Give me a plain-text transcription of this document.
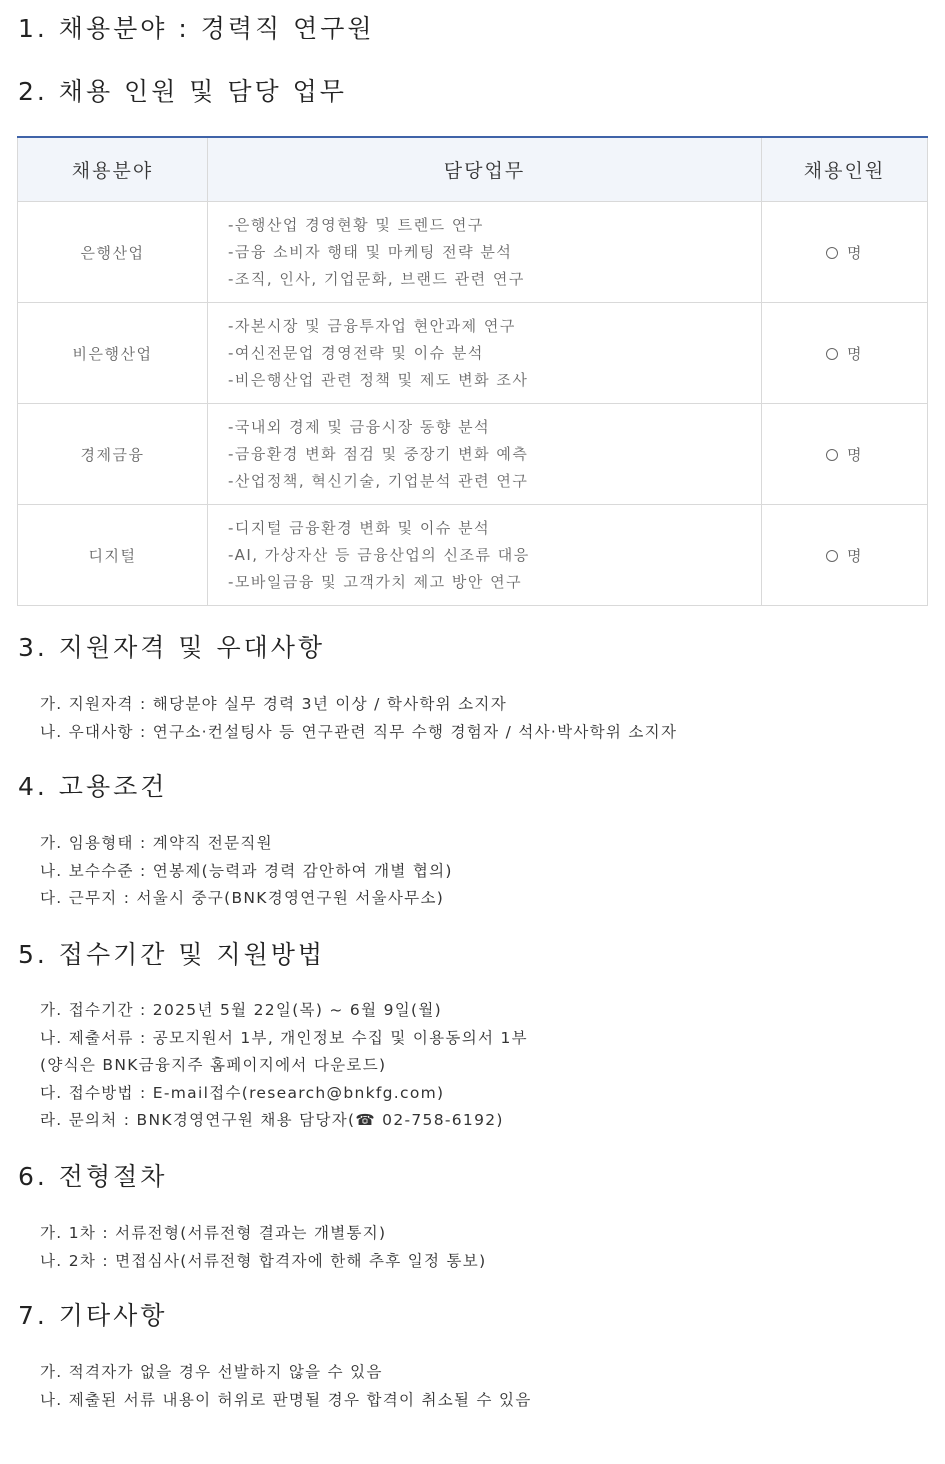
1. 채용분야 : 경력직 연구원
2. 채용 인원 및 담당 업무
채용분야	담당업무	채용인원
은행산업	-은행산업 경영현황 및 트렌드 연구
-금융 소비자 행태 및 마케팅 전략 분석
-조직, 인사, 기업문화, 브랜드 관련 연구	명
비은행산업	-자본시장 및 금융투자업 현안과제 연구
-여신전문업 경영전략 및 이슈 분석
-비은행산업 관련 정책 및 제도 변화 조사	명
경제금융	-국내외 경제 및 금융시장 동향 분석
-금융환경 변화 점검 및 중장기 변화 예측
-산업정책, 혁신기술, 기업분석 관련 연구	명
디지털	-디지털 금융환경 변화 및 이슈 분석
-AI, 가상자산 등 금융산업의 신조류 대응
-모바일금융 및 고객가치 제고 방안 연구	명
3. 지원자격 및 우대사항
가. 지원자격 : 해당분야 실무 경력 3년 이상 / 학사학위 소지자
나. 우대사항 : 연구소·컨설팅사 등 연구관련 직무 수행 경험자 / 석사·박사학위 소지자
4. 고용조건
가. 임용형태 : 계약직 전문직원
나. 보수수준 : 연봉제(능력과 경력 감안하여 개별 협의)
다. 근무지 : 서울시 중구(BNK경영연구원 서울사무소)
5. 접수기간 및 지원방법
가. 접수기간 : 2025년 5월 22일(목) ~ 6월 9일(월)
나. 제출서류 : 공모지원서 1부, 개인정보 수집 및 이용동의서 1부
(양식은 BNK금융지주 홈페이지에서 다운로드)
다. 접수방법 : E-mail접수(research@bnkfg.com)
라. 문의처 : BNK경영연구원 채용 담당자(☎ 02-758-6192)
6. 전형절차
가. 1차 : 서류전형(서류전형 결과는 개별통지)
나. 2차 : 면접심사(서류전형 합격자에 한해 추후 일정 통보)
7. 기타사항
가. 적격자가 없을 경우 선발하지 않을 수 있음
나. 제출된 서류 내용이 허위로 판명될 경우 합격이 취소될 수 있음
